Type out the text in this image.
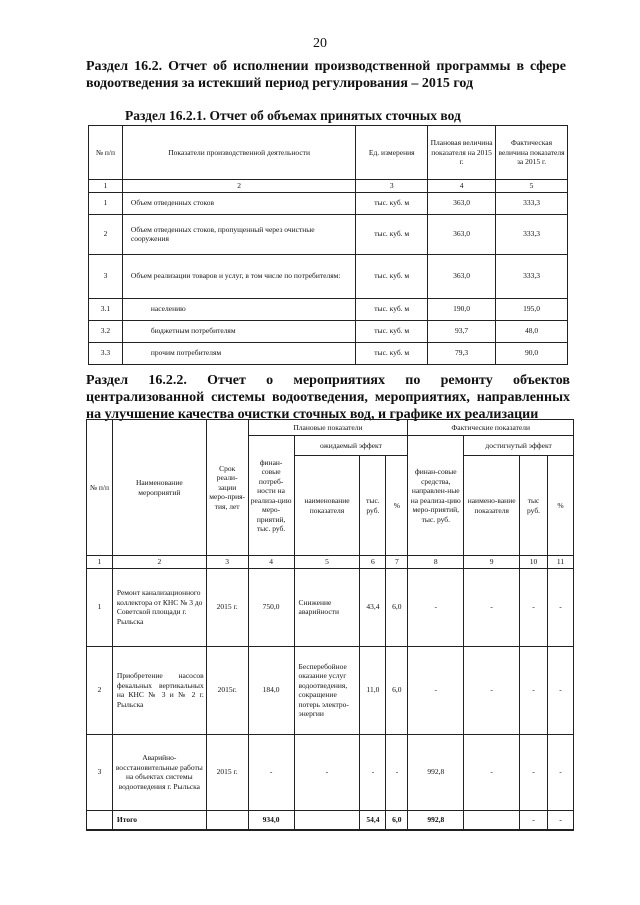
20
Раздел 16.2. Отчет об исполнении производственной программы в сфере водоотведения за истекший период регулирования – 2015 год
Раздел 16.2.1. Отчет об объемах принятых сточных вод
№ п/п	Показатели производственной деятельности	Ед. измерения	Плановая величина показателя на 2015 г.	Фактическая величина показателя за 2015 г.
1	2	3	4	5
1	Объем отведенных стоков	тыс. куб. м	363,0	333,3
2	Объем отведенных стоков, пропущенный через очистные сооружения	тыс. куб. м	363,0	333,3
3	Объем реализации товаров и услуг, в том числе по потребителям:	тыс. куб. м	363,0	333,3
3.1	населению	тыс. куб. м	190,0	195,0
3.2	бюджетным потребителям	тыс. куб. м	93,7	48,0
3.3	прочим потребителям	тыс. куб. м	79,3	90,0
Раздел 16.2.2. Отчет о мероприятиях по ремонту объектов централизованной системы водоотведения, мероприятиях, направленных на улучшение качества очистки сточных вод, и графике их реализации
№ п/п	Наименование мероприятий	Срок реали-зации меро-прия-тия, лет	Плановые показатели				Фактические показатели			
			финан-совые потреб-ности на реализа-цию меро-приятий, тыс. руб.	ожидаемый эффект			финан-совые средства, направлен-ные на реализа-цию меро-приятий, тыс. руб.	достигнутый эффект		
				наименование показателя	тыс. руб.	%		наимено-вание показателя	тыс руб.	%
1	2	3	4	5	6	7	8	9	10	11
1	Ремонт канализационного коллектора от КНС № 3 до Советской площади г. Рыльска	2015 г.	750,0	Снижение аварийности	43,4	6,0	-	-	-	-
2	Приобретение насосов фекальных вертикальных на КНС № 3 и № 2 г. Рыльска	2015г.	184,0	Бесперебойное оказание услуг водоотведения, сокращение потерь электро-энергии	11,0	6,0	-	-	-	-
3	Аварийно-восстановительные работы на объектах системы водоотведения г. Рыльска	2015 г.	-	-	-	-	992,8	-	-	-
	Итого		934,0		54,4	6,0	992,8		-	-
